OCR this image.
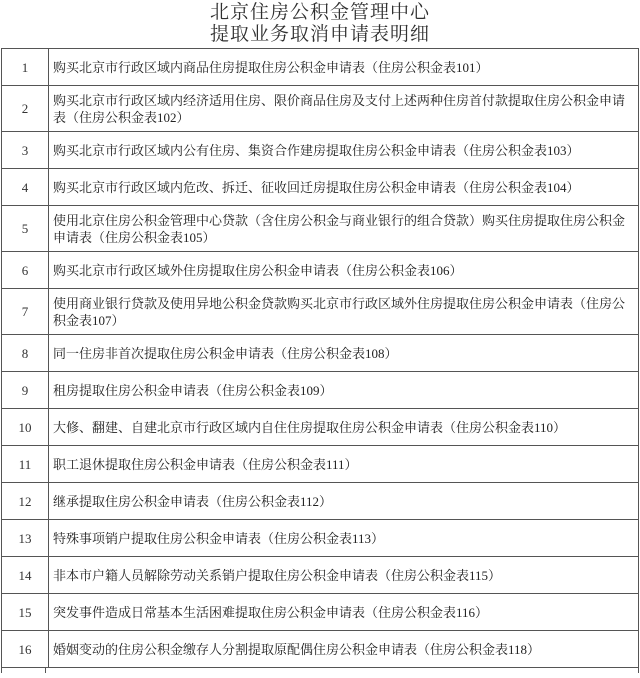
北京住房公积金管理中心
提取业务取消申请表明细
1	购买北京市行政区域内商品住房提取住房公积金申请表（住房公积金表101）
2	购买北京市行政区域内经济适用住房、限价商品住房及支付上述两种住房首付款提取住房公积金申请表（住房公积金表102）
3	购买北京市行政区域内公有住房、集资合作建房提取住房公积金申请表（住房公积金表103）
4	购买北京市行政区域内危改、拆迁、征收回迁房提取住房公积金申请表（住房公积金表104）
5	使用北京住房公积金管理中心贷款（含住房公积金与商业银行的组合贷款）购买住房提取住房公积金申请表（住房公积金表105）
6	购买北京市行政区域外住房提取住房公积金申请表（住房公积金表106）
7	使用商业银行贷款及使用异地公积金贷款购买北京市行政区域外住房提取住房公积金申请表（住房公积金表107）
8	同一住房非首次提取住房公积金申请表（住房公积金表108）
9	租房提取住房公积金申请表（住房公积金表109）
10	大修、翻建、自建北京市行政区域内自住住房提取住房公积金申请表（住房公积金表110）
11	职工退休提取住房公积金申请表（住房公积金表111）
12	继承提取住房公积金申请表（住房公积金表112）
13	特殊事项销户提取住房公积金申请表（住房公积金表113）
14	非本市户籍人员解除劳动关系销户提取住房公积金申请表（住房公积金表115）
15	突发事件造成日常基本生活困难提取住房公积金申请表（住房公积金表116）
16	婚姻变动的住房公积金缴存人分割提取原配偶住房公积金申请表（住房公积金表118）
